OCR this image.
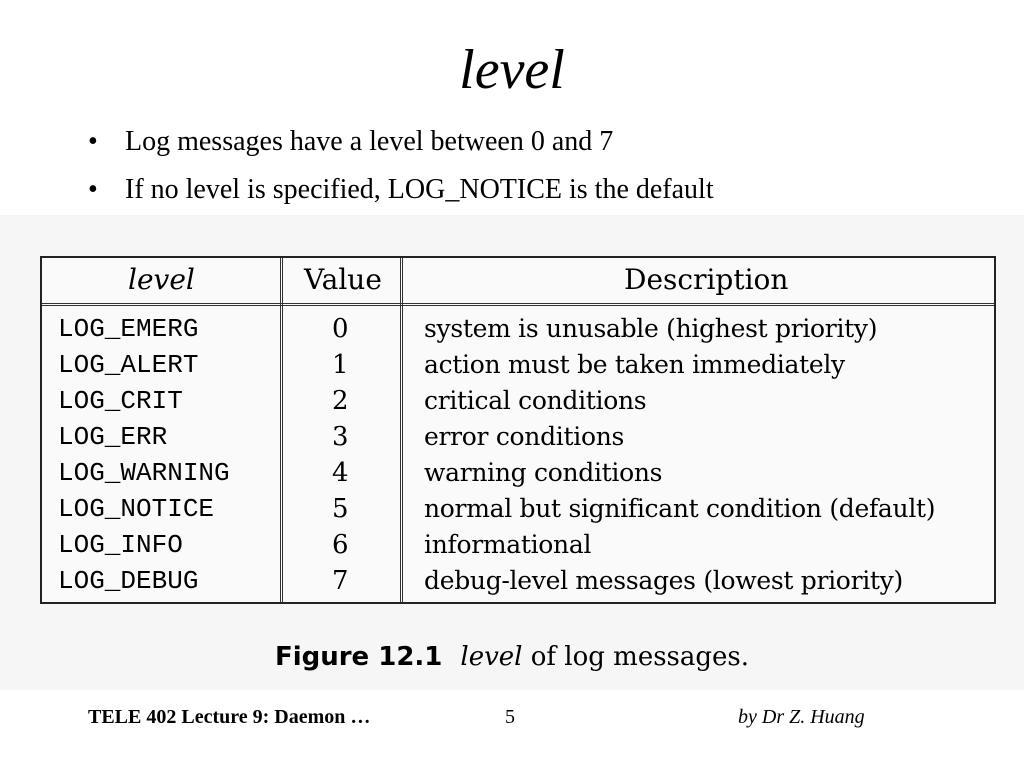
level
• Log messages have a level between 0 and 7
• If no level is specified, LOG_NOTICE is the default
level	Value	Description
LOG_EMERG	0	system is unusable (highest priority)
LOG_ALERT	1	action must be taken immediately
LOG_CRIT	2	critical conditions
LOG_ERR	3	error conditions
LOG_WARNING	4	warning conditions
LOG_NOTICE	5	normal but significant condition (default)
LOG_INFO	6	informational
LOG_DEBUG	7	debug-level messages (lowest priority)
Figure 12.1 level of log messages.
TELE 402 Lecture 9: Daemon …	5	by Dr Z. Huang
